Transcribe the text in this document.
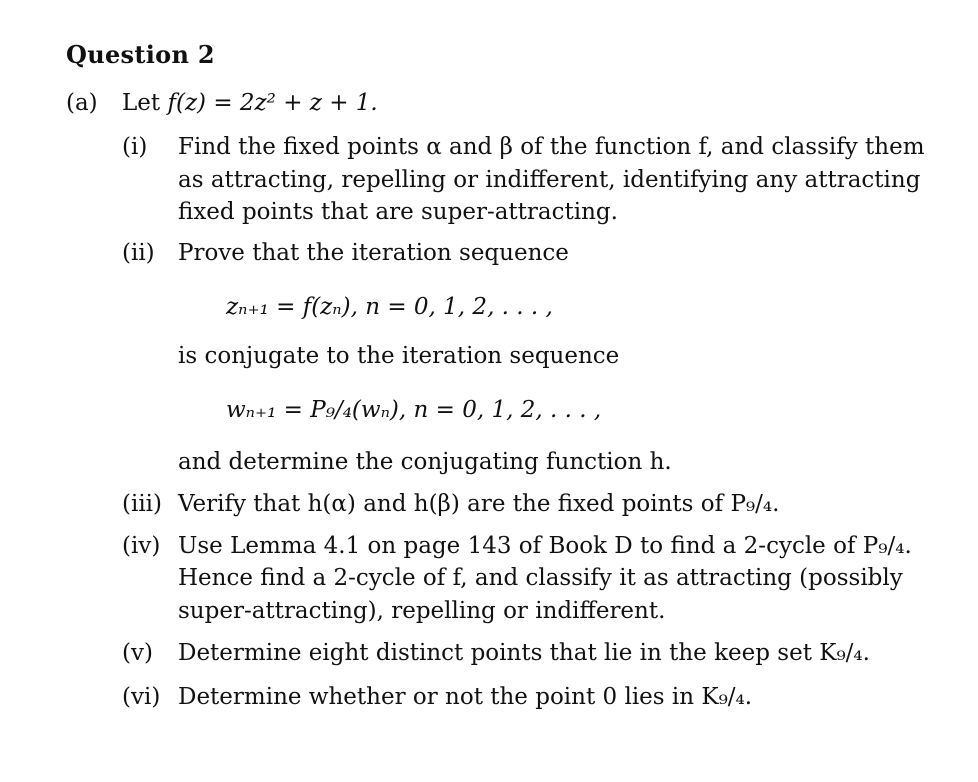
Question 2
(a) Let f(z) = 2z² + z + 1.
(i) Find the fixed points α and β of the function f, and classify them
as attracting, repelling or indifferent, identifying any attracting
fixed points that are super-attracting.
(ii) Prove that the iteration sequence
zₙ₊₁ = f(zₙ), n = 0, 1, 2, . . . ,
is conjugate to the iteration sequence
wₙ₊₁ = P₉/₄(wₙ), n = 0, 1, 2, . . . ,
and determine the conjugating function h.
(iii) Verify that h(α) and h(β) are the fixed points of P₉/₄.
(iv) Use Lemma 4.1 on page 143 of Book D to find a 2-cycle of P₉/₄.
Hence find a 2-cycle of f, and classify it as attracting (possibly
super-attracting), repelling or indifferent.
(v) Determine eight distinct points that lie in the keep set K₉/₄.
(vi) Determine whether or not the point 0 lies in K₉/₄.
